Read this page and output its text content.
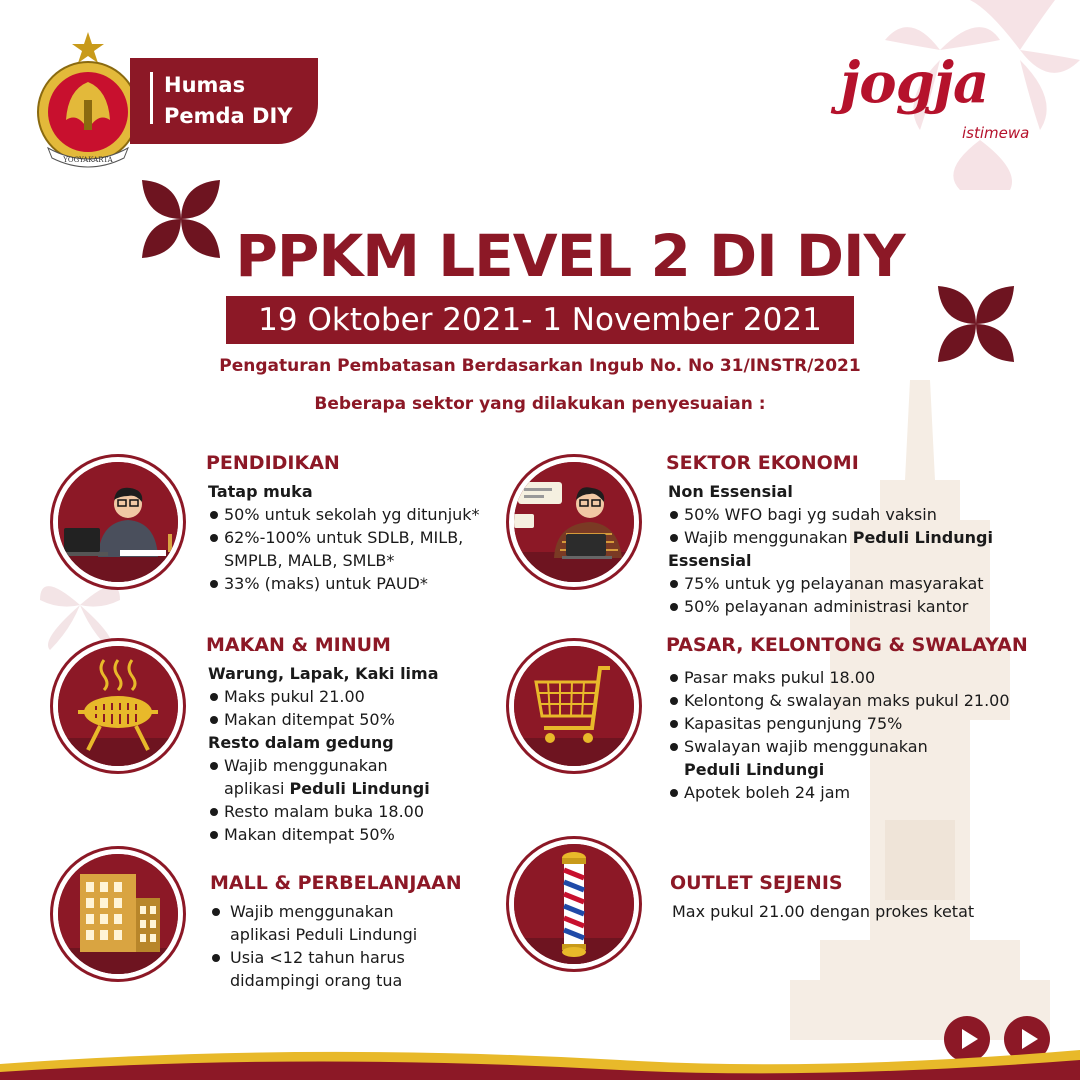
YOGYAKARTA
Humas
Pemda DIY	jogja
istimewa
PPKM LEVEL 2 DI DIY
19 Oktober 2021- 1 November 2021
Pengaturan Pembatasan Berdasarkan Ingub No. No 31/INSTR/2021
Beberapa sektor yang dilakukan penyesuaian :
PENDIDIKAN
Tatap muka
50% untuk sekolah yg ditunjuk*
62%-100% untuk SDLB, MILB,
SMPLB, MALB, SMLB*
33% (maks) untuk PAUD*
SEKTOR EKONOMI
Non Essensial
50% WFO bagi yg sudah vaksin
Wajib menggunakan Peduli Lindungi
Essensial
75% untuk yg pelayanan masyarakat
50% pelayanan administrasi kantor
MAKAN & MINUM
Warung, Lapak, Kaki lima
Maks pukul 21.00
Makan ditempat 50%
Resto dalam gedung
Wajib menggunakan
aplikasi Peduli Lindungi
Resto malam buka 18.00
Makan ditempat 50%
PASAR, KELONTONG & SWALAYAN
Pasar maks pukul 18.00
Kelontong & swalayan maks pukul 21.00
Kapasitas pengunjung 75%
Swalayan wajib menggunakan
Peduli Lindungi
Apotek boleh 24 jam
MALL & PERBELANJAAN
Wajib menggunakan
aplikasi Peduli Lindungi
Usia <12 tahun harus
didampingi orang tua
OUTLET SEJENIS
Max pukul 21.00 dengan prokes ketat
